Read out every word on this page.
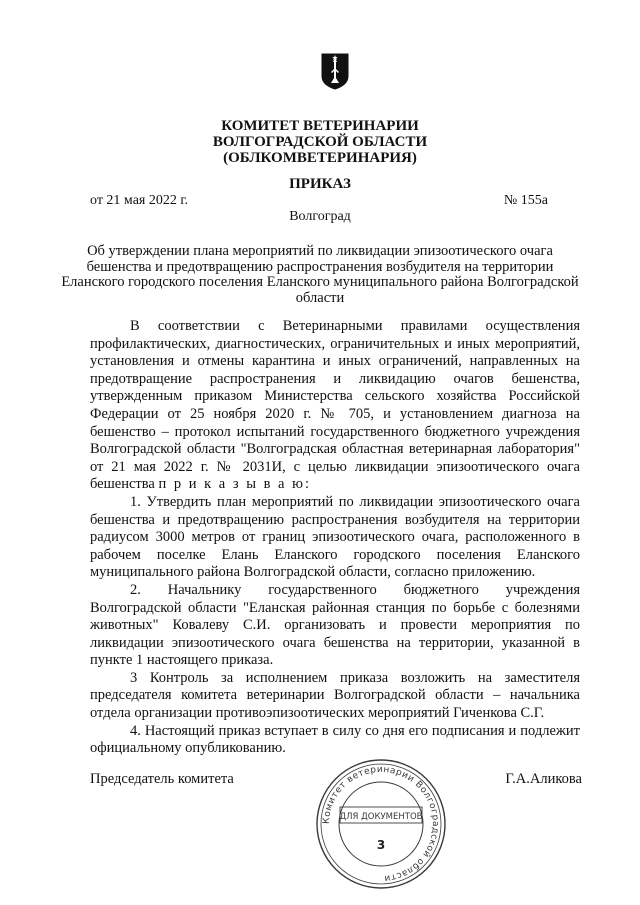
КОМИТЕТ ВЕТЕРИНАРИИ
ВОЛГОГРАДСКОЙ ОБЛАСТИ
(ОБЛКОМВЕТЕРИНАРИЯ)
ПРИКАЗ
от 21 мая 2022 г.	№ 155а
Волгоград
Об утверждении плана мероприятий по ликвидации эпизоотического очага бешенства и предотвращению распространения возбудителя на территории Еланского городского поселения Еланского муниципального района Волгоградской области

В соответствии с Ветеринарными правилами осуществления профилактических, диагностических, ограничительных и иных мероприятий, установления и отмены карантина и иных ограничений, направленных на предотвращение распространения и ликвидацию очагов бешенства, утвержденным приказом Министерства сельского хозяйства Российской Федерации от 25 ноября 2020 г. № 705, и установлением диагноза на бешенство – протокол испытаний государственного бюджетного учреждения Волгоградской области "Волгоградская областная ветеринарная лаборатория" от 21 мая 2022 г. № 2031И, с целью ликвидации эпизоотического очага бешенства п р и к а з ы в а ю:

1. Утвердить план мероприятий по ликвидации эпизоотического очага бешенства и предотвращению распространения возбудителя на территории радиусом 3000 метров от границ эпизоотического очага, расположенного в рабочем поселке Елань Еланского городского поселения Еланского муниципального района Волгоградской области, согласно приложению.

2. Начальнику государственного бюджетного учреждения Волгоградской области "Еланская районная станция по борьбе с болезнями животных" Ковалеву С.И. организовать и провести мероприятия по ликвидации эпизоотического очага бешенства на территории, указанной в пункте 1 настоящего приказа.

3 Контроль за исполнением приказа возложить на заместителя председателя комитета ветеринарии Волгоградской области – начальника отдела организации противоэпизоотических мероприятий Гиченкова С.Г.

4. Настоящий приказ вступает в силу со дня его подписания и подлежит официальному опубликованию.

Председатель комитета	Г.А.Аликова
Комитет ветеринарии Волгоградской области
ДЛЯ ДОКУМЕНТОВ
3
